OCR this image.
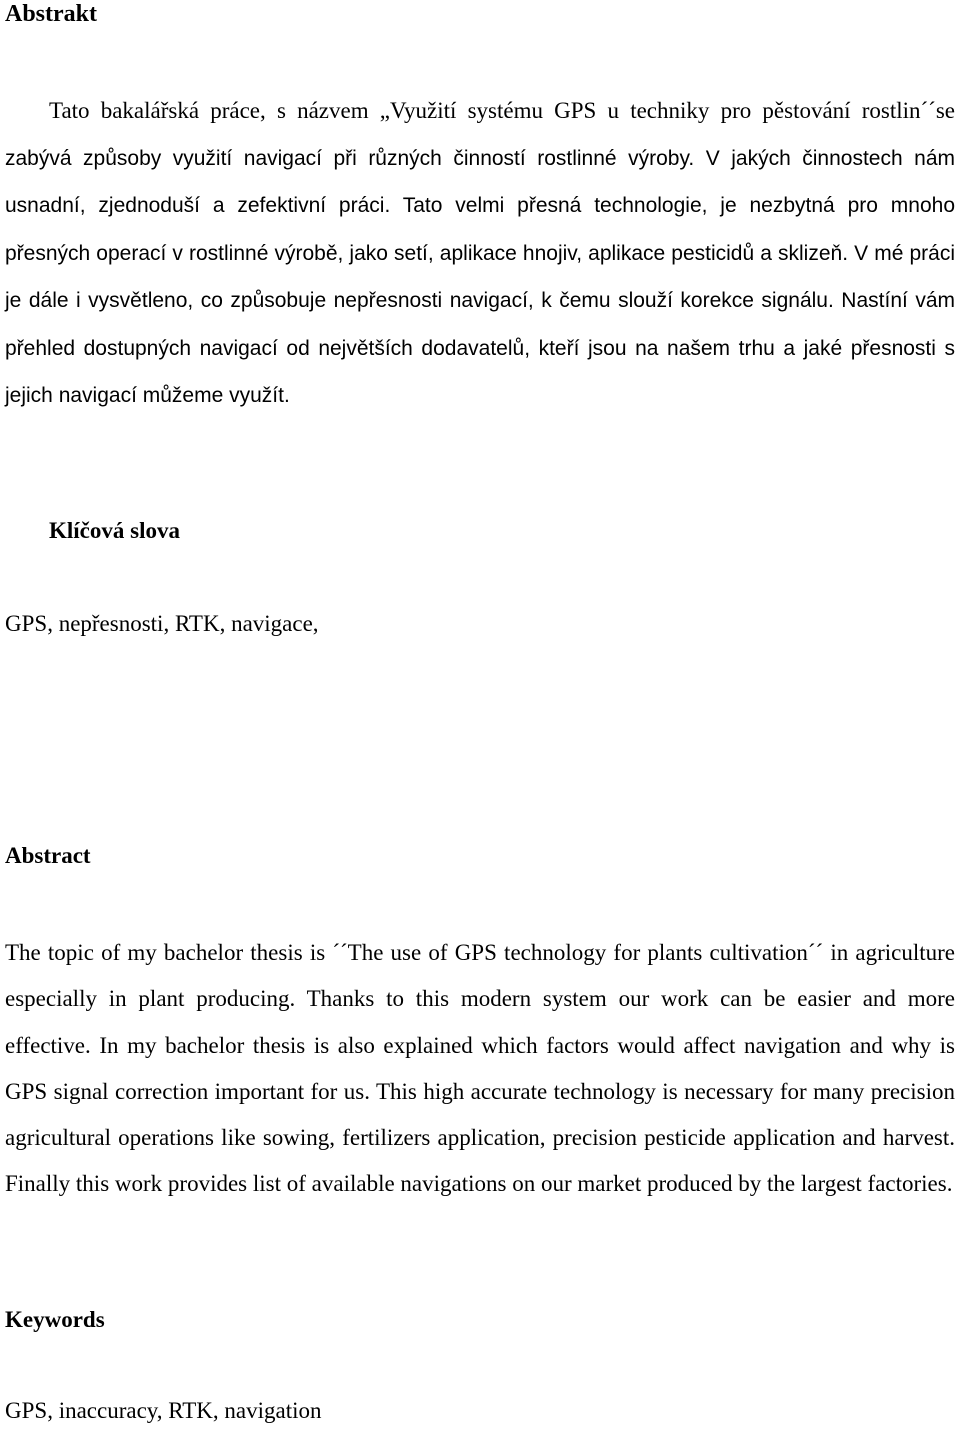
Abstrakt

Tato bakalářská práce, s názvem „Využití systému GPS u techniky pro pěstování rostlin´´se zabývá způsoby využití navigací při různých činností rostlinné výroby. V jakých činnostech nám usnadní, zjednoduší a zefektivní práci. Tato velmi přesná technologie, je nezbytná pro mnoho přesných operací v rostlinné výrobě, jako setí, aplikace hnojiv, aplikace pesticidů a sklizeň. V mé práci je dále i vysvětleno, co způsobuje nepřesnosti navigací, k čemu slouží korekce signálu. Nastíní vám přehled dostupných navigací od největších dodavatelů, kteří jsou na našem trhu a jaké přesnosti s jejich navigací můžeme využít.

Klíčová slova

GPS, nepřesnosti, RTK, navigace,

Abstract

The topic of my bachelor thesis is ´´The use of GPS technology for plants cultivation´´ in agriculture especially in plant producing. Thanks to this modern system our work can be easier and more effective. In my bachelor thesis is also explained which factors would affect navigation and why is GPS signal correction important for us. This high accurate technology is necessary for many precision agricultural operations like sowing, fertilizers application, precision pesticide application and harvest. Finally this work provides list of available navigations on our market produced by the largest factories.

Keywords

GPS, inaccuracy, RTK, navigation
